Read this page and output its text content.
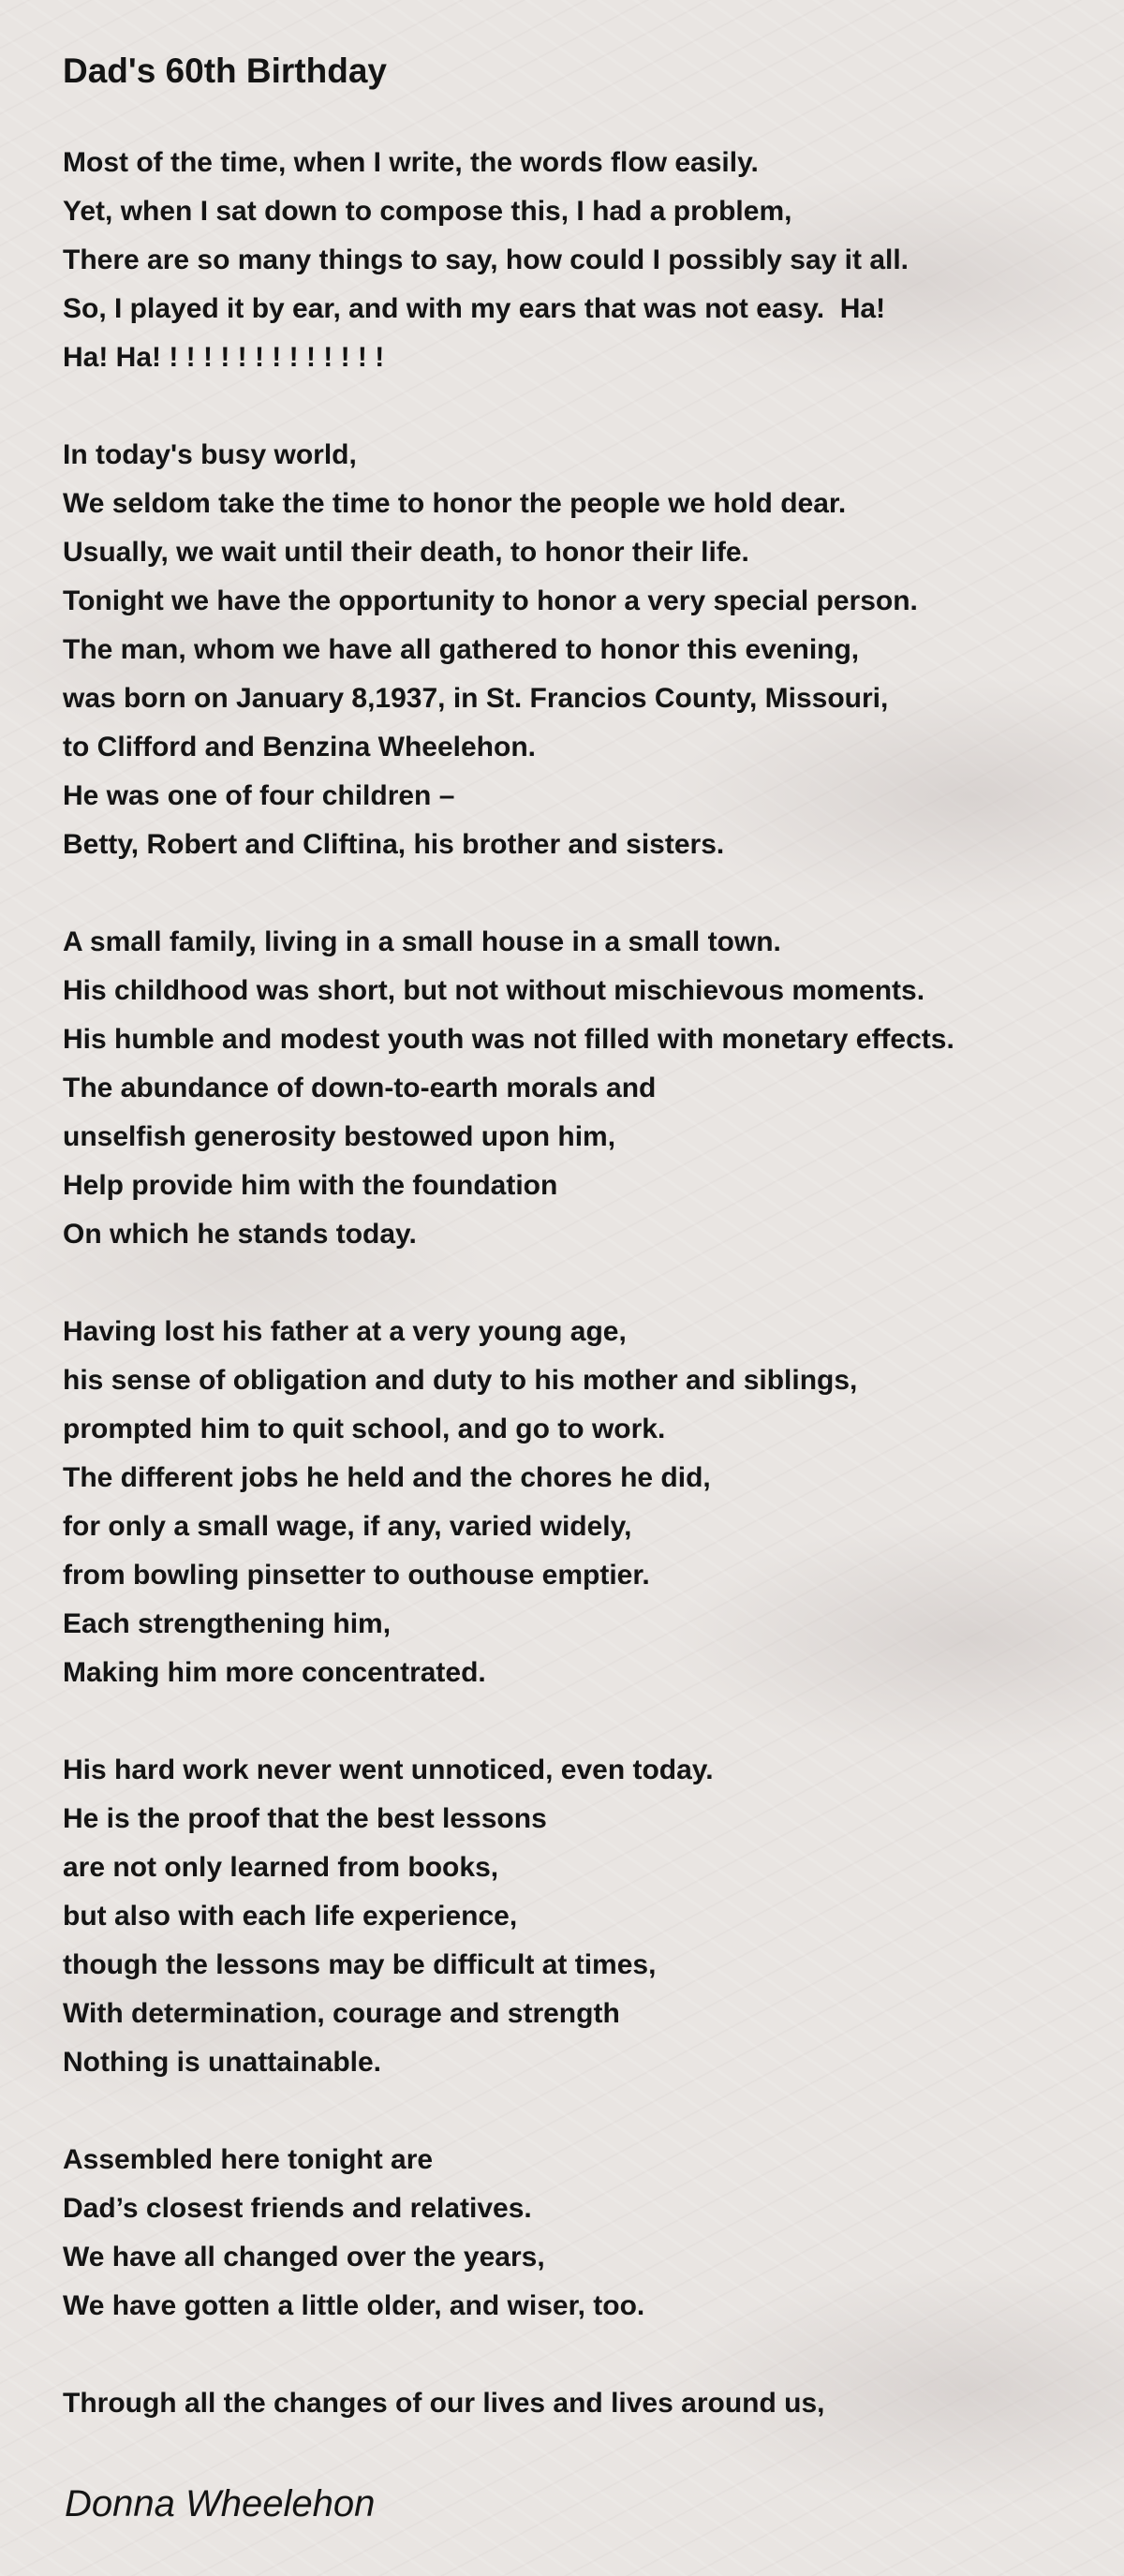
Dad's 60th Birthday
Most of the time, when I write, the words flow easily.
Yet, when I sat down to compose this, I had a problem,
There are so many things to say, how could I possibly say it all.
So, I played it by ear, and with my ears that was not easy.  Ha!
Ha! Ha! ! ! ! ! ! ! ! ! ! ! ! ! !
In today's busy world,
We seldom take the time to honor the people we hold dear.
Usually, we wait until their death, to honor their life.
Tonight we have the opportunity to honor a very special person.
The man, whom we have all gathered to honor this evening,
was born on January 8,1937, in St. Francios County, Missouri,
to Clifford and Benzina Wheelehon.
He was one of four children –
Betty, Robert and Cliftina, his brother and sisters.
A small family, living in a small house in a small town.
His childhood was short, but not without mischievous moments.
His humble and modest youth was not filled with monetary effects.
The abundance of down-to-earth morals and
unselfish generosity bestowed upon him,
Help provide him with the foundation
On which he stands today.
Having lost his father at a very young age,
his sense of obligation and duty to his mother and siblings,
prompted him to quit school, and go to work.
The different jobs he held and the chores he did,
for only a small wage, if any, varied widely,
from bowling pinsetter to outhouse emptier.
Each strengthening him,
Making him more concentrated.
His hard work never went unnoticed, even today.
He is the proof that the best lessons
are not only learned from books,
but also with each life experience,
though the lessons may be difficult at times,
With determination, courage and strength
Nothing is unattainable.
Assembled here tonight are
Dad’s closest friends and relatives.
We have all changed over the years,
We have gotten a little older, and wiser, too.
Through all the changes of our lives and lives around us,

Donna Wheelehon
